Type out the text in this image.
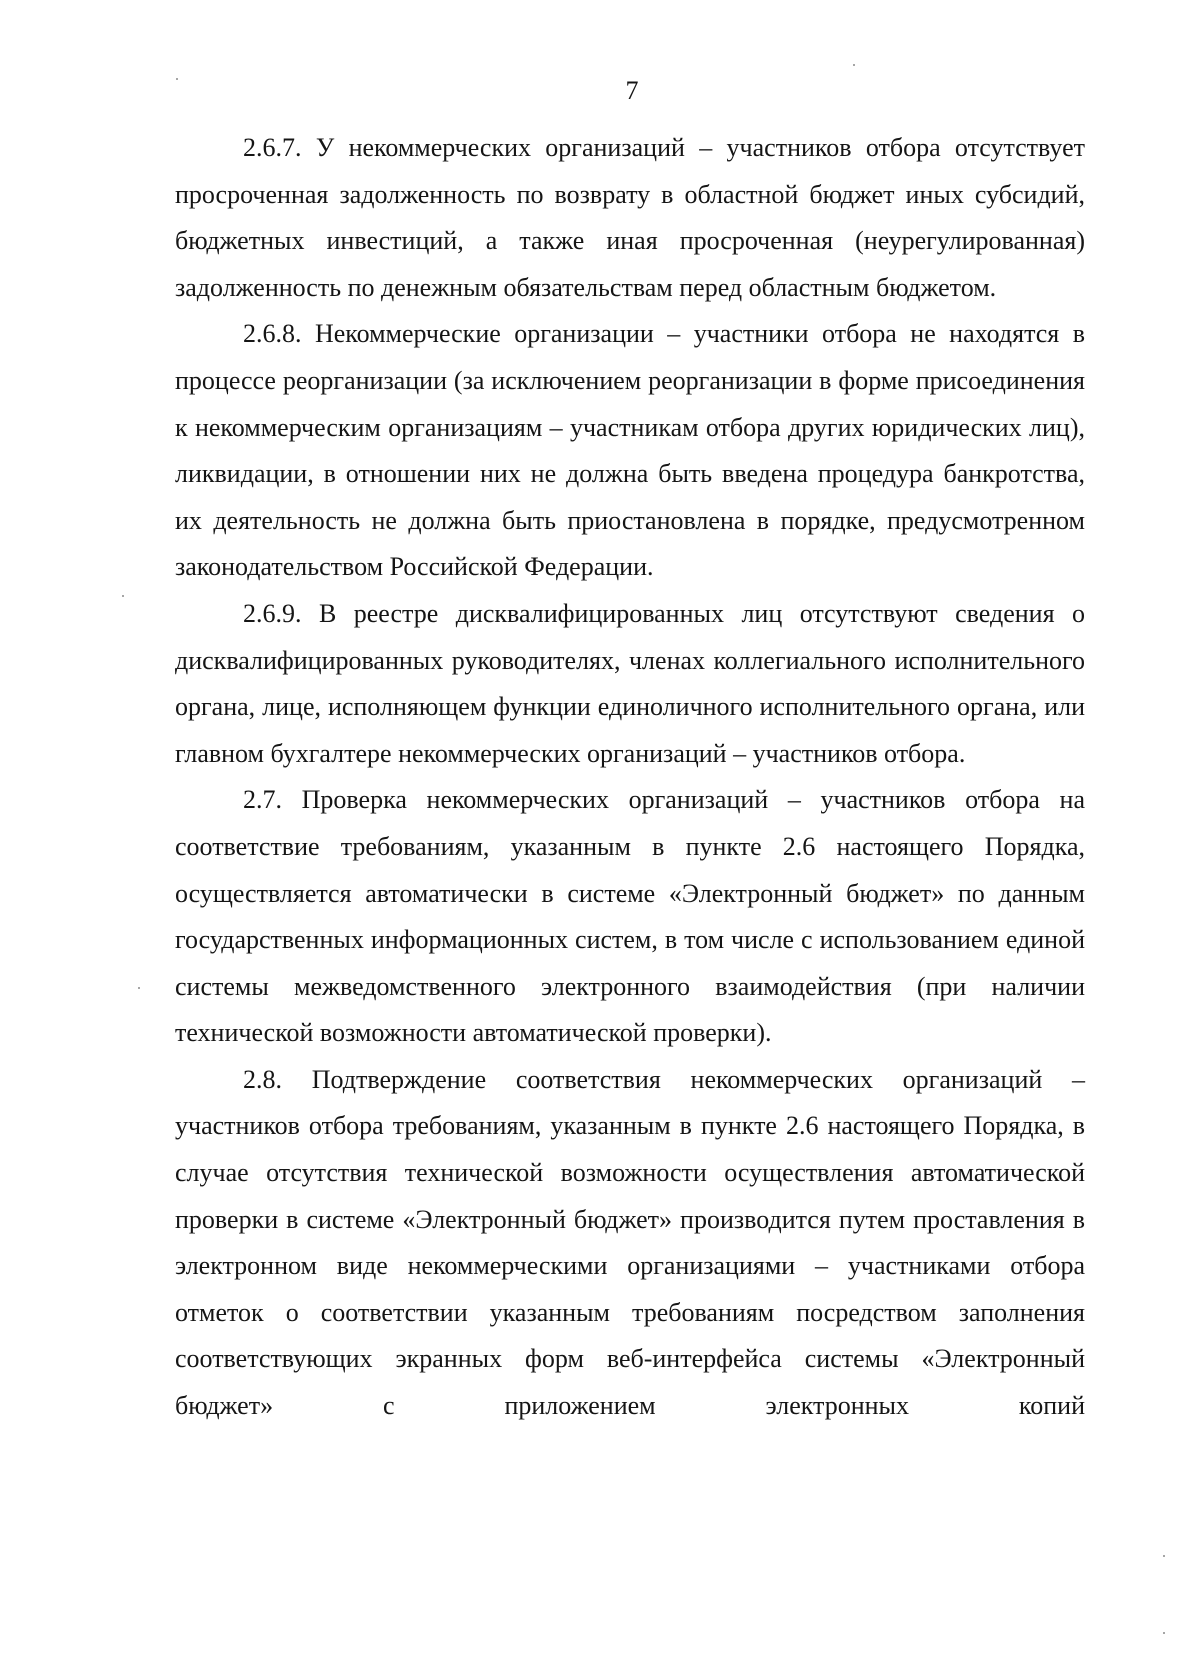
7

2.6.7. У некоммерческих организаций – участников отбора отсутствует просроченная задолженность по возврату в областной бюджет иных субсидий, бюджетных инвестиций, а также иная просроченная (неурегулированная) задолженность по денежным обязательствам перед областным бюджетом.

2.6.8. Некоммерческие организации – участники отбора не находятся в процессе реорганизации (за исключением реорганизации в форме присоединения к некоммерческим организациям – участникам отбора других юридических лиц), ликвидации, в отношении них не должна быть введена процедура банкротства, их деятельность не должна быть приостановлена в порядке, предусмотренном законодательством Российской Федерации.

2.6.9. В реестре дисквалифицированных лиц отсутствуют сведения о дисквалифицированных руководителях, членах коллегиального исполнительного органа, лице, исполняющем функции единоличного исполнительного органа, или главном бухгалтере некоммерческих организаций – участников отбора.

2.7. Проверка некоммерческих организаций – участников отбора на соответствие требованиям, указанным в пункте 2.6 настоящего Порядка, осуществляется автоматически в системе «Электронный бюджет» по данным государственных информационных систем, в том числе с использованием единой системы межведомственного электронного взаимодействия (при наличии технической возможности автоматической проверки).

2.8. Подтверждение соответствия некоммерческих организаций – участников отбора требованиям, указанным в пункте 2.6 настоящего Порядка, в случае отсутствия технической возможности осуществления автоматической проверки в системе «Электронный бюджет» производится путем проставления в электронном виде некоммерческими организациями – участниками отбора отметок о соответствии указанным требованиям посредством заполнения соответствующих экранных форм веб-интерфейса системы «Электронный бюджет» с приложением электронных копий
